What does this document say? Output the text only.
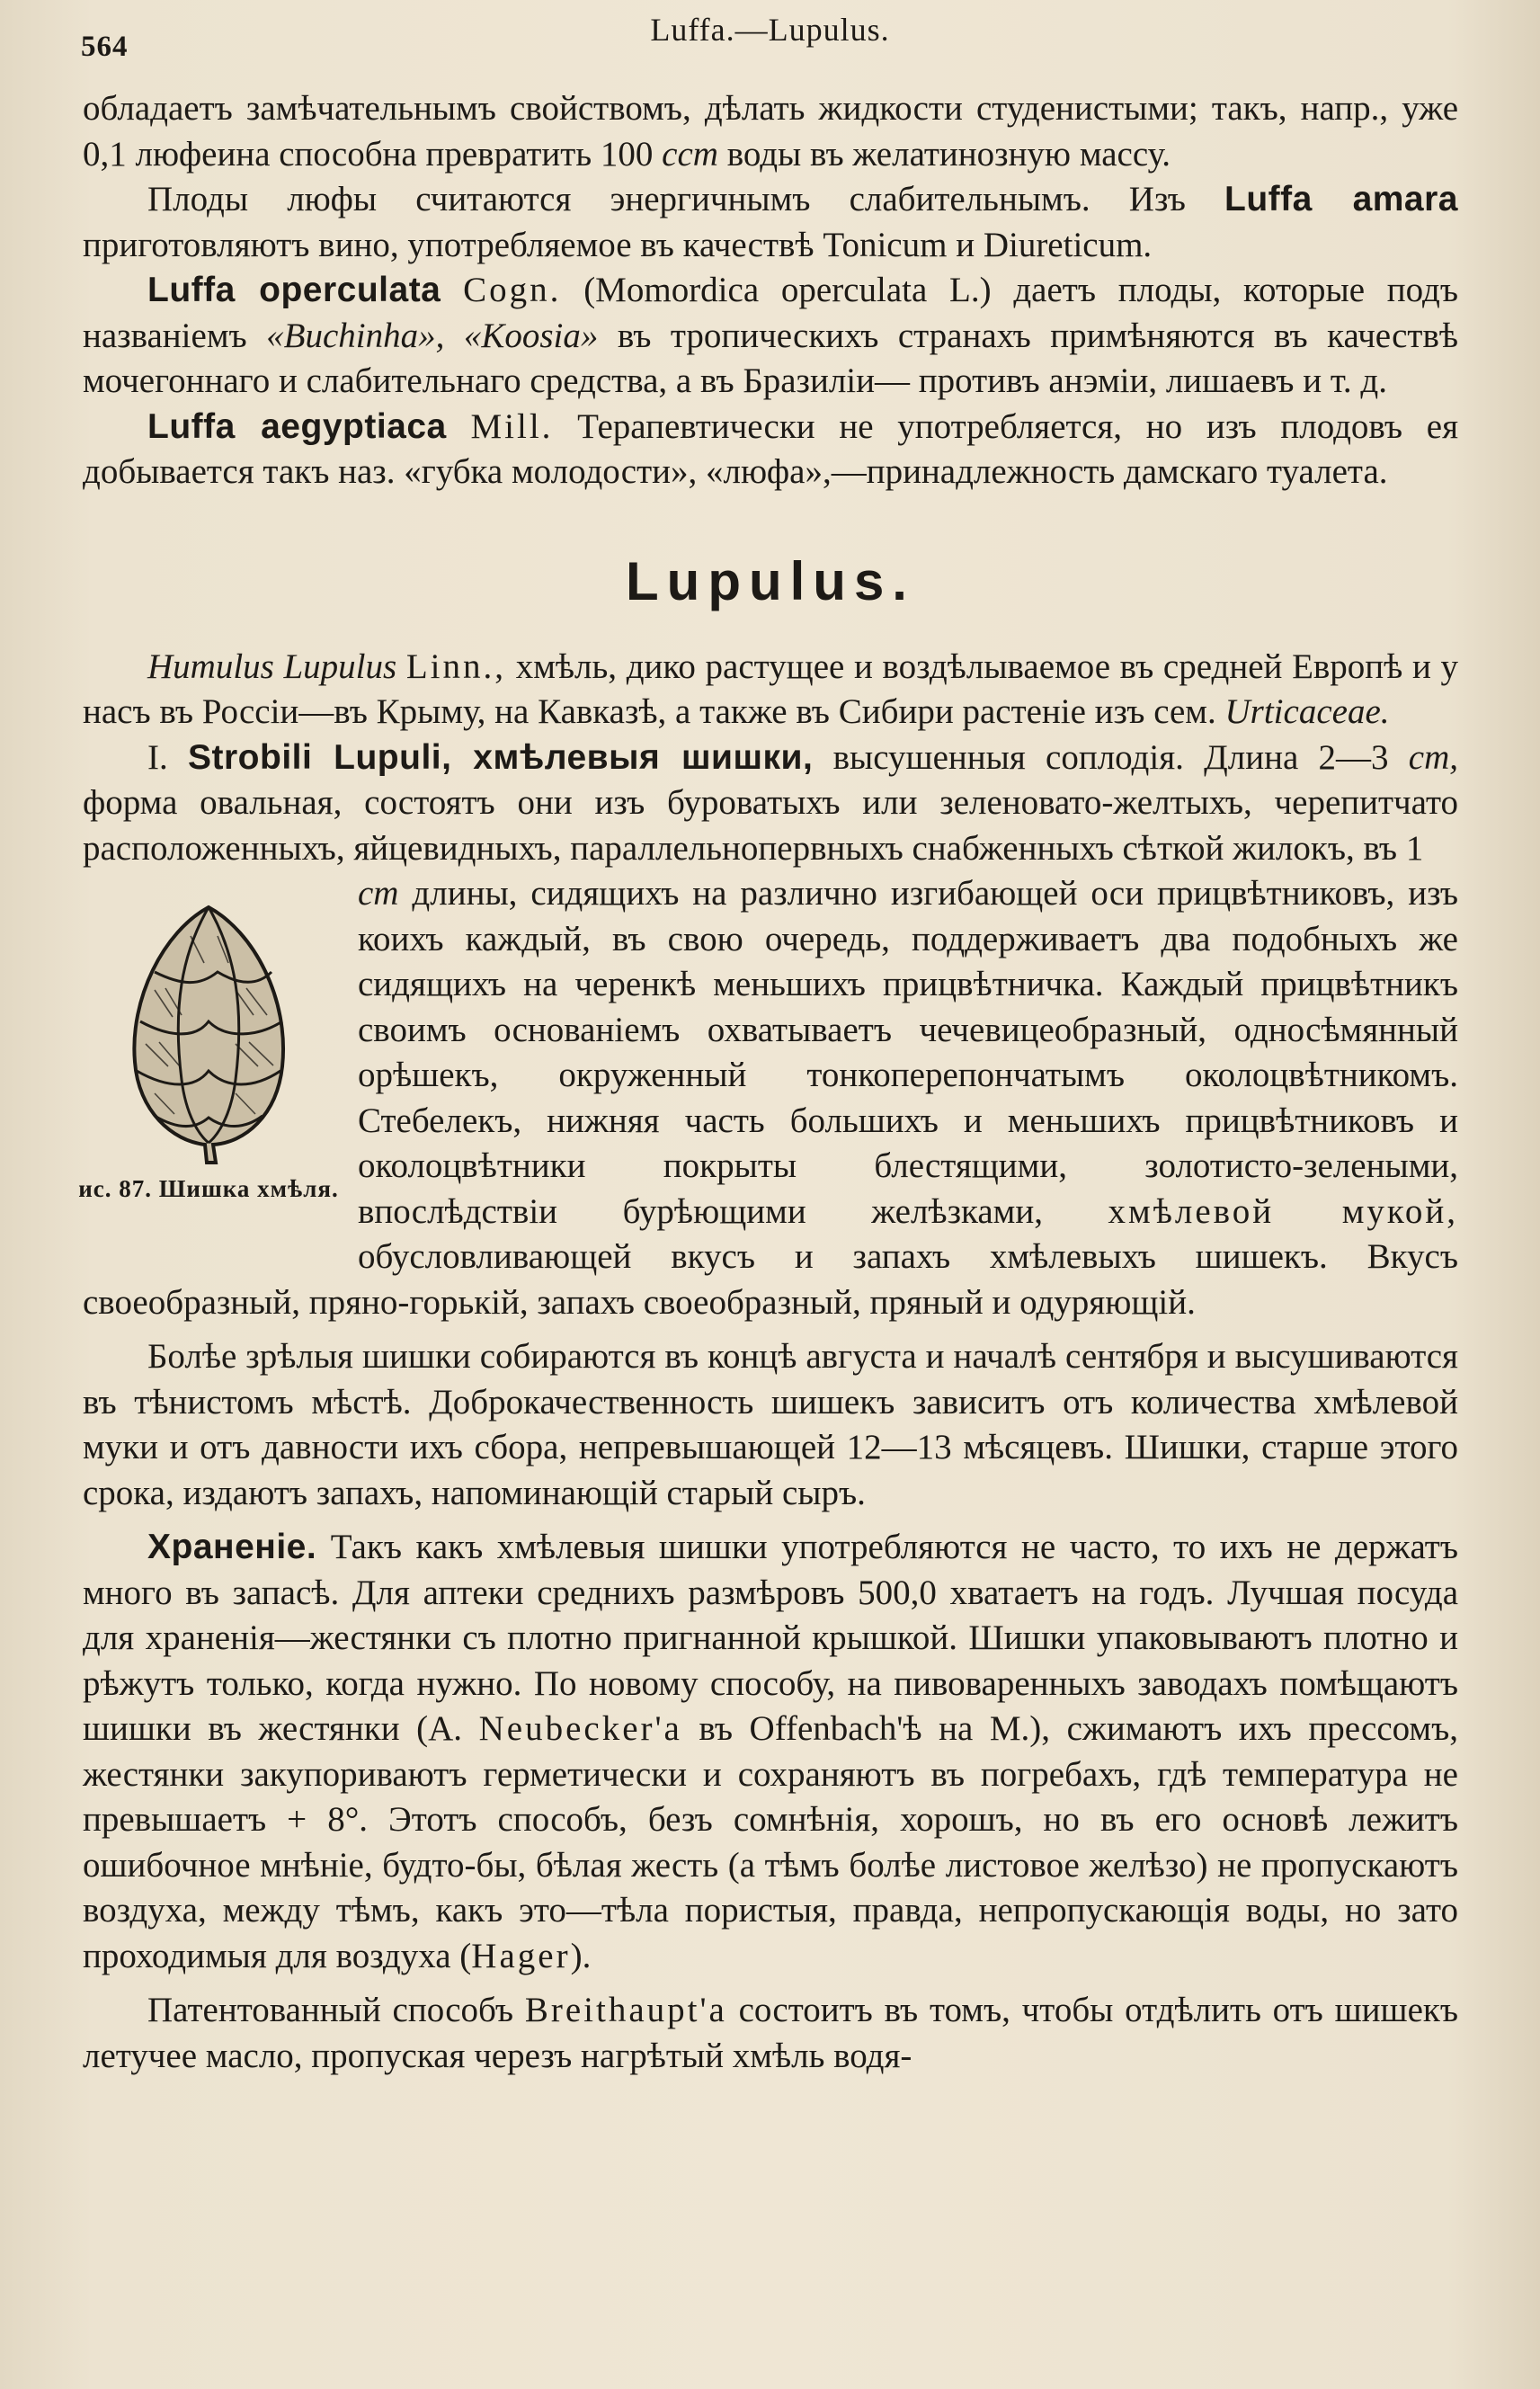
564	Luffa.—Lupulus.

обладаетъ замѣчательнымъ свойствомъ, дѣлать жидкости студенистыми; такъ, напр., уже 0,1 люфеина способна превратить 100 ccm воды въ желатинозную массу.

Плоды люфы считаются энергичнымъ слабительнымъ. Изъ Luffa amara приготовляютъ вино, употребляемое въ качествѣ Tonicum и Diureticum.

Luffa operculata Cogn. (Momordica operculata L.) даетъ плоды, которые подъ названіемъ «Buchinha», «Koosia» въ тропическихъ странахъ примѣняются въ качествѣ мочегоннаго и слабительнаго средства, а въ Бразиліи— противъ анэміи, лишаевъ и т. д.

Luffa aegyptiaca Mill. Терапевтически не употребляется, но изъ плодовъ ея добывается такъ наз. «губка молодости», «люфа»,—принадлежность дамскаго туалета.

Lupulus.

Humulus Lupulus Linn., хмѣль, дико растущее и воздѣлываемое въ средней Европѣ и у насъ въ Россіи—въ Крыму, на Кавказѣ, а также въ Сибири растеніе изъ сем. Urticaceae.

I. Strobili Lupuli, хмѣлевыя шишки, высушенныя соплодія. Длина 2—3 cm, форма овальная, состоятъ они изъ буроватыхъ или зеленовато-желтыхъ, черепитчато расположенныхъ, яйцевидныхъ, параллельнопервныхъ снабженныхъ сѣткой жилокъ, въ 1

ис. 87. Шишка хмѣля.

cm длины, сидящихъ на различно изгибающей оси прицвѣтниковъ, изъ коихъ каждый, въ свою очередь, поддерживаетъ два подобныхъ же сидящихъ на черенкѣ меньшихъ прицвѣтничка. Каждый прицвѣтникъ своимъ основаніемъ охватываетъ чечевицеобразный, односѣмянный орѣшекъ, окруженный тонкоперепончатымъ околоцвѣтникомъ. Стебелекъ, нижняя часть большихъ и меньшихъ прицвѣтниковъ и околоцвѣтники покрыты блестящими, золотисто-зелеными, впослѣдствіи бурѣющими желѣзками, хмѣлевой мукой, обусловливающей вкусъ и запахъ хмѣлевыхъ шишекъ. Вкусъ своеобразный, пряно-горькій, запахъ своеобразный, пряный и одуряющій.

Болѣе зрѣлыя шишки собираются въ концѣ августа и началѣ сентября и высушиваются въ тѣнистомъ мѣстѣ. Доброкачественность шишекъ зависитъ отъ количества хмѣлевой муки и отъ давности ихъ сбора, непревышающей 12—13 мѣсяцевъ. Шишки, старше этого срока, издаютъ запахъ, напоминающій старый сыръ.

Храненіе. Такъ какъ хмѣлевыя шишки употребляются не часто, то ихъ не держатъ много въ запасѣ. Для аптеки среднихъ размѣровъ 500,0 хватаетъ на годъ. Лучшая посуда для храненія—жестянки съ плотно пригнанной крышкой. Шишки упаковываютъ плотно и рѣжутъ только, когда нужно. По новому способу, на пивоваренныхъ заводахъ помѣщаютъ шишки въ жестянки (A. Neubecker'a въ Offenbach'ѣ на M.), сжимаютъ ихъ прессомъ, жестянки закупориваютъ герметически и сохраняютъ въ погребахъ, гдѣ температура не превышаетъ + 8°. Этотъ способъ, безъ сомнѣнія, хорошъ, но въ его основѣ лежитъ ошибочное мнѣніе, будто-бы, бѣлая жесть (а тѣмъ болѣе листовое желѣзо) не пропускаютъ воздуха, между тѣмъ, какъ это—тѣла пористыя, правда, непропускающія воды, но зато проходимыя для воздуха (Hager).

Патентованный способъ Breithaupt'a состоитъ въ томъ, чтобы отдѣлить отъ шишекъ летучее масло, пропуская черезъ нагрѣтый хмѣль водя-
